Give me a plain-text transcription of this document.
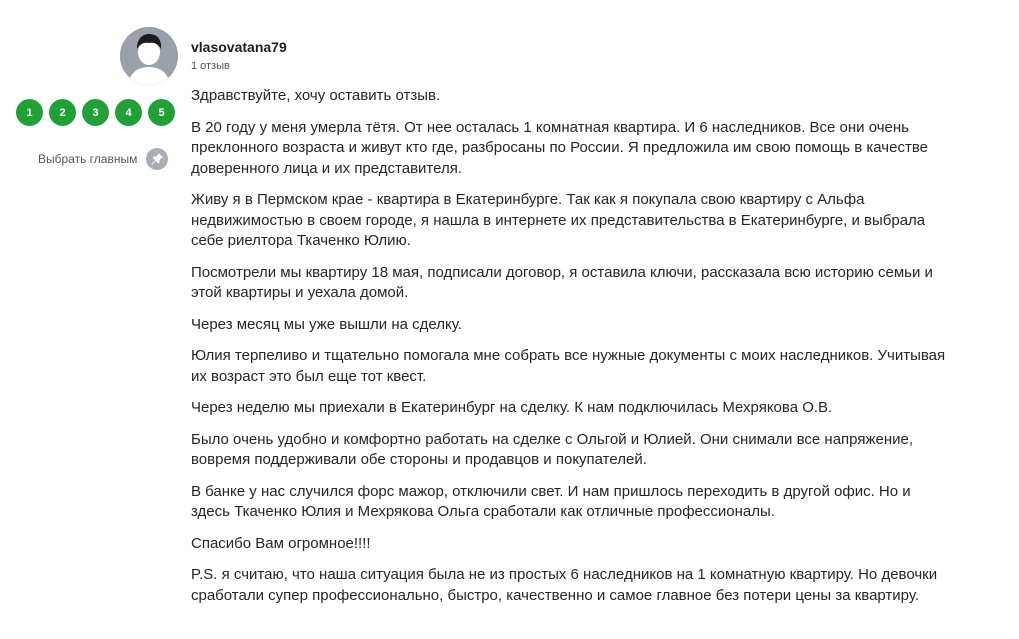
1	2	3	4	5
Выбрать главным
vlasovatana79
1 отзыв

Здравствуйте, хочу оставить отзыв.

В 20 году у меня умерла тётя. От нее осталась 1 комнатная квартира. И 6 наследников. Все они очень преклонного возраста и живут кто где, разбросаны по России. Я предложила им свою помощь в качестве доверенного лица и их представителя.

Живу я в Пермском крае - квартира в Екатеринбурге. Так как я покупала свою квартиру с Альфа недвижимостью в своем городе, я нашла в интернете их представительства в Екатеринбурге, и выбрала себе риелтора Ткаченко Юлию.

Посмотрели мы квартиру 18 мая, подписали договор, я оставила ключи, рассказала всю историю семьи и этой квартиры и уехала домой.

Через месяц мы уже вышли на сделку.

Юлия терпеливо и тщательно помогала мне собрать все нужные документы с моих наследников. Учитывая их возраст это был еще тот квест.

Через неделю мы приехали в Екатеринбург на сделку. К нам подключилась Мехрякова О.В.

Было очень удобно и комфортно работать на сделке с Ольгой и Юлией. Они снимали все напряжение, вовремя поддерживали обе стороны и продавцов и покупателей.

В банке у нас случился форс мажор, отключили свет. И нам пришлось переходить в другой офис. Но и здесь Ткаченко Юлия и Мехрякова Ольга сработали как отличные профессионалы.

Спасибо Вам огромное!!!!

P.S. я считаю, что наша ситуация была не из простых 6 наследников на 1 комнатную квартиру. Но девочки сработали супер профессионально, быстро, качественно и самое главное без потери цены за квартиру.
